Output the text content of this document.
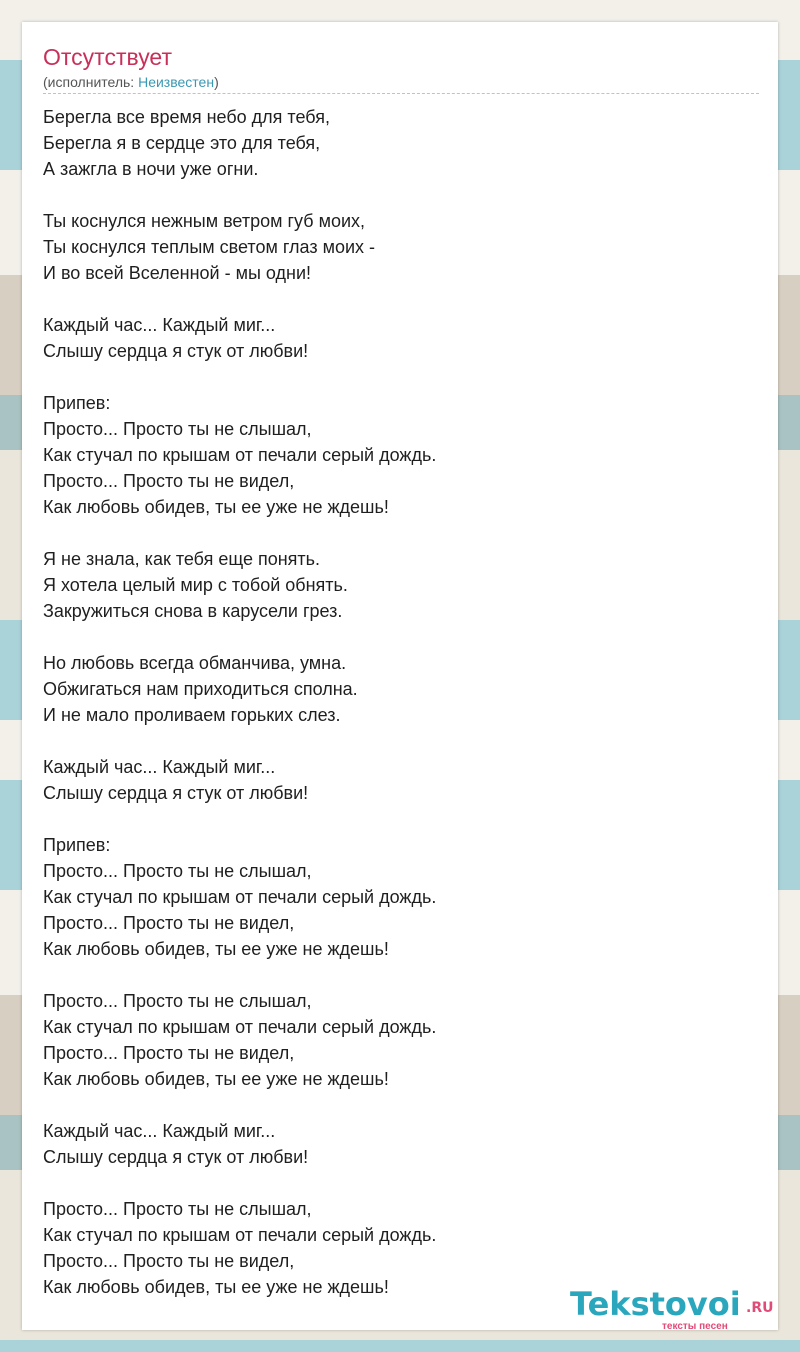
Отсутствует
(исполнитель: Неизвестен)
Берегла все время небо для тебя,
Берегла я в сердце это для тебя,
А зажгла в ночи уже огни.
Ты коснулся нежным ветром губ моих,
Ты коснулся теплым светом глаз моих -
И во всей Вселенной - мы одни!
Каждый час... Каждый миг...
Слышу сердца я стук от любви!
Припев:
Просто... Просто ты не слышал,
Как стучал по крышам от печали серый дождь.
Просто... Просто ты не видел,
Как любовь обидев, ты ее уже не ждешь!
Я не знала, как тебя еще понять.
Я хотела целый мир с тобой обнять.
Закружиться снова в карусели грез.
Но любовь всегда обманчива, умна.
Обжигаться нам приходиться сполна.
И не мало проливаем горьких слез.
Каждый час... Каждый миг...
Слышу сердца я стук от любви!
Припев:
Просто... Просто ты не слышал,
Как стучал по крышам от печали серый дождь.
Просто... Просто ты не видел,
Как любовь обидев, ты ее уже не ждешь!
Просто... Просто ты не слышал,
Как стучал по крышам от печали серый дождь.
Просто... Просто ты не видел,
Как любовь обидев, ты ее уже не ждешь!
Каждый час... Каждый миг...
Слышу сердца я стук от любви!
Просто... Просто ты не слышал,
Как стучал по крышам от печали серый дождь.
Просто... Просто ты не видел,
Как любовь обидев, ты ее уже не ждешь!	Tekstovoi .RU
тексты песен
